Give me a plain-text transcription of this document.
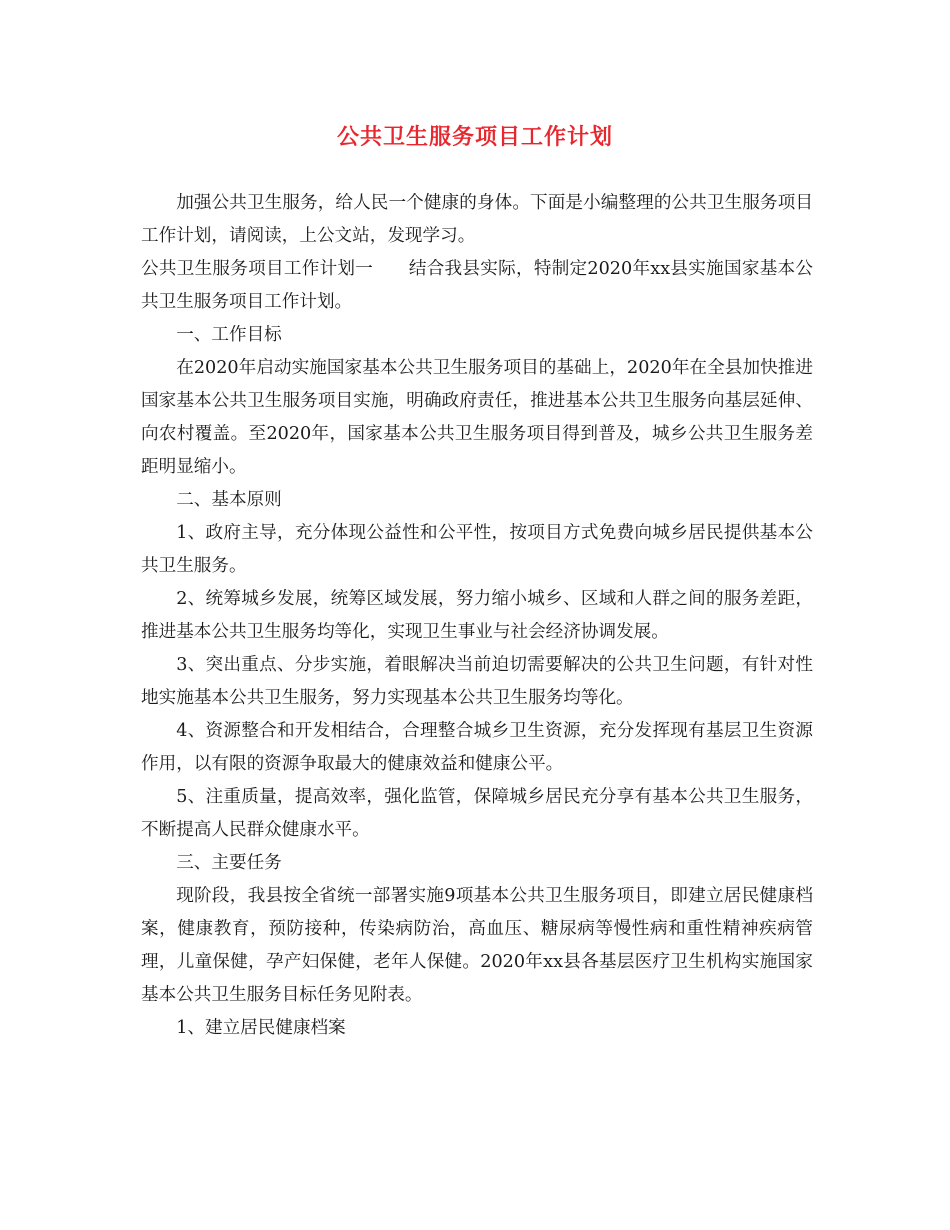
公共卫生服务项目工作计划

加强公共卫生服务，给人民一个健康的身体。下面是小编整理的公共卫生服务项目工作计划，请阅读，上公文站，发现学习。

公共卫生服务项目工作计划一　　结合我县实际，特制定2020年xx县实施国家基本公共卫生服务项目工作计划。

一、工作目标

在2020年启动实施国家基本公共卫生服务项目的基础上，2020年在全县加快推进国家基本公共卫生服务项目实施，明确政府责任，推进基本公共卫生服务向基层延伸、向农村覆盖。至2020年，国家基本公共卫生服务项目得到普及，城乡公共卫生服务差距明显缩小。

二、基本原则

1、政府主导，充分体现公益性和公平性，按项目方式免费向城乡居民提供基本公共卫生服务。

2、统筹城乡发展，统筹区域发展，努力缩小城乡、区域和人群之间的服务差距，推进基本公共卫生服务均等化，实现卫生事业与社会经济协调发展。

3、突出重点、分步实施，着眼解决当前迫切需要解决的公共卫生问题，有针对性地实施基本公共卫生服务，努力实现基本公共卫生服务均等化。

4、资源整合和开发相结合，合理整合城乡卫生资源，充分发挥现有基层卫生资源作用，以有限的资源争取最大的健康效益和健康公平。

5、注重质量，提高效率，强化监管，保障城乡居民充分享有基本公共卫生服务，不断提高人民群众健康水平。

三、主要任务

现阶段，我县按全省统一部署实施9项基本公共卫生服务项目，即建立居民健康档案，健康教育，预防接种，传染病防治，高血压、糖尿病等慢性病和重性精神疾病管理，儿童保健，孕产妇保健，老年人保健。2020年xx县各基层医疗卫生机构实施国家基本公共卫生服务目标任务见附表。

1、建立居民健康档案
